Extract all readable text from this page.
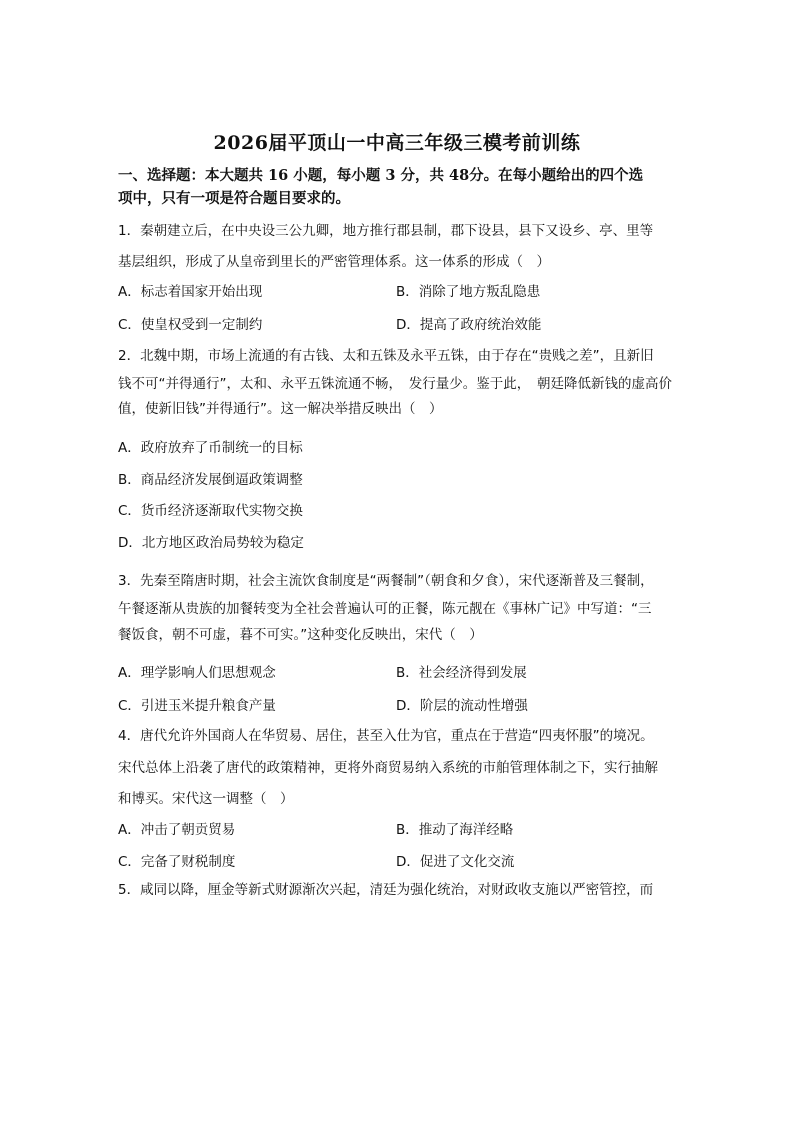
2026届平顶山一中高三年级三模考前训练
一、选择题：本大题共 16 小题，每小题 3 分，共 48分。在每小题给出的四个选
项中，只有一项是符合题目要求的。
1．秦朝建立后，在中央设三公九卿，地方推行郡县制，郡下设县，县下又设乡、亭、里等
基层组织，形成了从皇帝到里长的严密管理体系。这一体系的形成（　）
A．标志着国家开始出现	B．消除了地方叛乱隐患
C．使皇权受到一定制约	D．提高了政府统治效能
2．北魏中期，市场上流通的有古钱、太和五铢及永平五铢，由于存在“贵贱之差”，且新旧
钱不可“并得通行”，太和、永平五铢流通不畅，　发行量少。鉴于此，　朝廷降低新钱的虚高价
值，使新旧钱”并得通行”。这一解决举措反映出（　）
A．政府放弃了币制统一的目标
B．商品经济发展倒逼政策调整
C．货币经济逐渐取代实物交换
D．北方地区政治局势较为稳定
3．先秦至隋唐时期，社会主流饮食制度是“两餐制”（朝食和夕食），宋代逐渐普及三餐制，
午餐逐渐从贵族的加餐转变为全社会普遍认可的正餐，陈元靓在《事林广记》中写道：“三
餐饭食，朝不可虚，暮不可实。”这种变化反映出，宋代（　）
A．理学影响人们思想观念	B．社会经济得到发展
C．引进玉米提升粮食产量	D．阶层的流动性增强
4．唐代允许外国商人在华贸易、居住，甚至入仕为官，重点在于营造“四夷怀服”的境况。
宋代总体上沿袭了唐代的政策精神，更将外商贸易纳入系统的市舶管理体制之下，实行抽解
和博买。宋代这一调整（　）
A．冲击了朝贡贸易	B．推动了海洋经略
C．完备了财税制度	D．促进了文化交流
5．咸同以降，厘金等新式财源渐次兴起，清廷为强化统治，对财政收支施以严密管控，而
